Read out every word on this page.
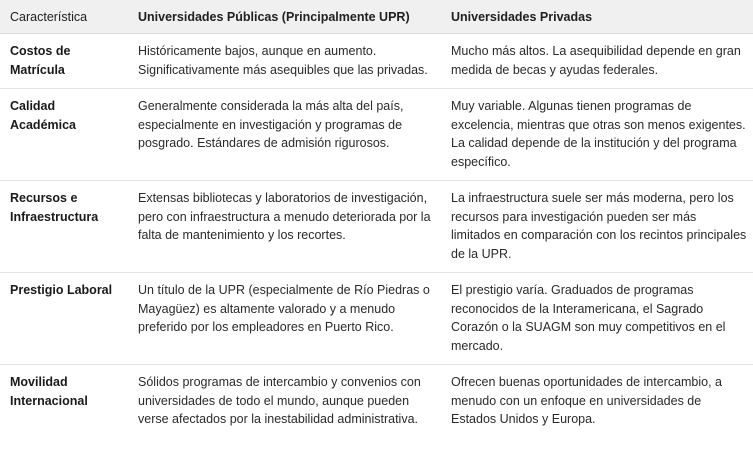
Característica	Universidades Públicas (Principalmente UPR)	Universidades Privadas
Costos de Matrícula	Históricamente bajos, aunque en aumento. Significativamente más asequibles que las privadas.	Mucho más altos. La asequibilidad depende en gran medida de becas y ayudas federales.
Calidad Académica	Generalmente considerada la más alta del país, especialmente en investigación y programas de posgrado. Estándares de admisión rigurosos.	Muy variable. Algunas tienen programas de excelencia, mientras que otras son menos exigentes. La calidad depende de la institución y del programa específico.
Recursos e Infraestructura	Extensas bibliotecas y laboratorios de investigación, pero con infraestructura a menudo deteriorada por la falta de mantenimiento y los recortes.	La infraestructura suele ser más moderna, pero los recursos para investigación pueden ser más limitados en comparación con los recintos principales de la UPR.
Prestigio Laboral	Un título de la UPR (especialmente de Río Piedras o Mayagüez) es altamente valorado y a menudo preferido por los empleadores en Puerto Rico.	El prestigio varía. Graduados de programas reconocidos de la Interamericana, el Sagrado Corazón o la SUAGM son muy competitivos en el mercado.
Movilidad Internacional	Sólidos programas de intercambio y convenios con universidades de todo el mundo, aunque pueden verse afectados por la inestabilidad administrativa.	Ofrecen buenas oportunidades de intercambio, a menudo con un enfoque en universidades de Estados Unidos y Europa.
